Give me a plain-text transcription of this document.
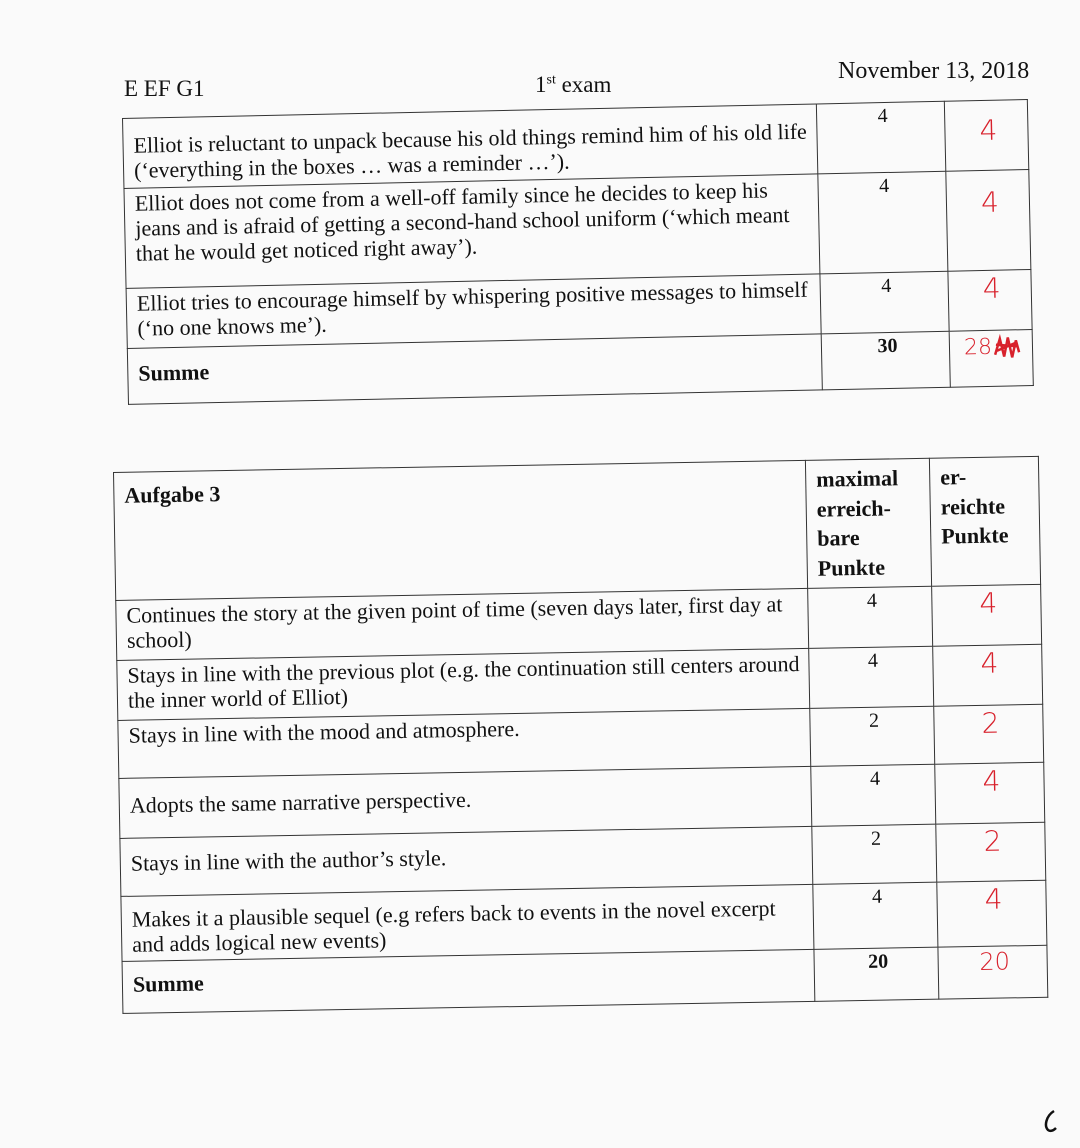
E EF G1	1st exam
November 13, 2018
Elliot is reluctant to unpack because his old things remind him of his old life (‘everything in the boxes … was a reminder …’).	4	4
Elliot does not come from a well-off family since he decides to keep his jeans and is afraid of getting a second-hand school uniform (‘which meant that he would get noticed right away’).	4	4
Elliot tries to encourage himself by whispering positive messages to himself (‘no one knows me’).	4	4
Summe	30	28
Aufgabe 3	maximal erreich- bare Punkte	er- reichte Punkte
Continues the story at the given point of time (seven days later, first day at school)	4	4
Stays in line with the previous plot (e.g. the continuation still centers around the inner world of Elliot)	4	4
Stays in line with the mood and atmosphere.	2	2
Adopts the same narrative perspective.	4	4
Stays in line with the author’s style.	2	2
Makes it a plausible sequel (e.g refers back to events in the novel excerpt and adds logical new events)	4	4
Summe	20	20
